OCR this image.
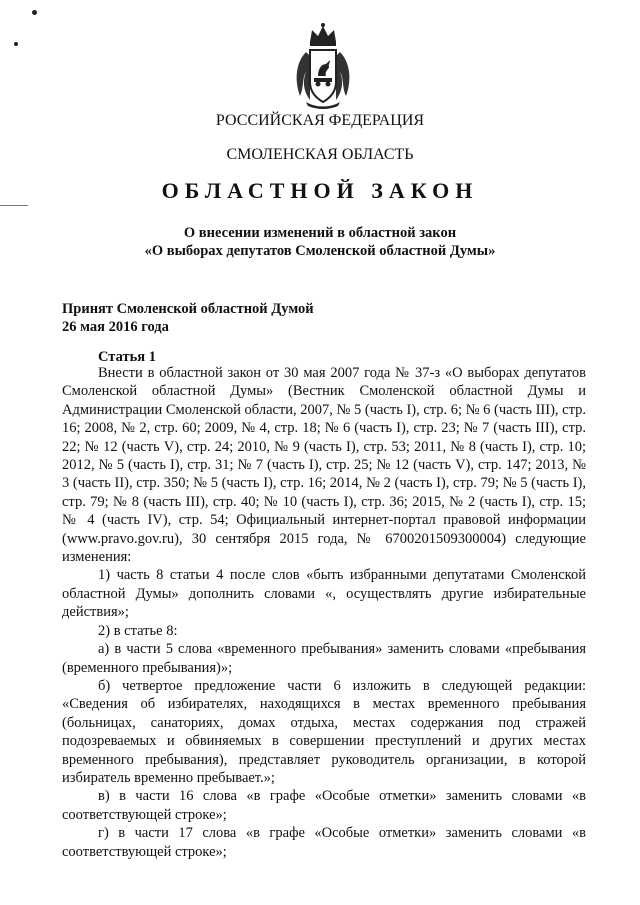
РОССИЙСКАЯ ФЕДЕРАЦИЯ
СМОЛЕНСКАЯ ОБЛАСТЬ
ОБЛАСТНОЙ ЗАКОН
О внесении изменений в областной закон
«О выборах депутатов Смоленской областной Думы»
Принят Смоленской областной Думой
26 мая 2016 года
Статья 1

Внести в областной закон от 30 мая 2007 года № 37-з «О выборах депутатов Смоленской областной Думы» (Вестник Смоленской областной Думы и Администрации Смоленской области, 2007, № 5 (часть I), стр. 6; № 6 (часть III), стр. 16; 2008, № 2, стр. 60; 2009, № 4, стр. 18; № 6 (часть I), стр. 23; № 7 (часть III), стр. 22; № 12 (часть V), стр. 24; 2010, № 9 (часть I), стр. 53; 2011, № 8 (часть I), стр. 10; 2012, № 5 (часть I), стр. 31; № 7 (часть I), стр. 25; № 12 (часть V), стр. 147; 2013, № 3 (часть II), стр. 350; № 5 (часть I), стр. 16; 2014, № 2 (часть I), стр. 79; № 5 (часть I), стр. 79; № 8 (часть III), стр. 40; № 10 (часть I), стр. 36; 2015, № 2 (часть I), стр. 15; № 4 (часть IV), стр. 54; Официальный интернет-портал правовой информации (www.pravo.gov.ru), 30 сентября 2015 года, № 6700201509300004) следующие изменения:

1) часть 8 статьи 4 после слов «быть избранными депутатами Смоленской областной Думы» дополнить словами «, осуществлять другие избирательные действия»;

2) в статье 8:

а) в части 5 слова «временного пребывания» заменить словами «пребывания (временного пребывания)»;

б) четвертое предложение части 6 изложить в следующей редакции: «Сведения об избирателях, находящихся в местах временного пребывания (больницах, санаториях, домах отдыха, местах содержания под стражей подозреваемых и обвиняемых в совершении преступлений и других местах временного пребывания), представляет руководитель организации, в которой избиратель временно пребывает.»;

в) в части 16 слова «в графе «Особые отметки» заменить словами «в соответствующей строке»;

г) в части 17 слова «в графе «Особые отметки» заменить словами «в соответствующей строке»;
